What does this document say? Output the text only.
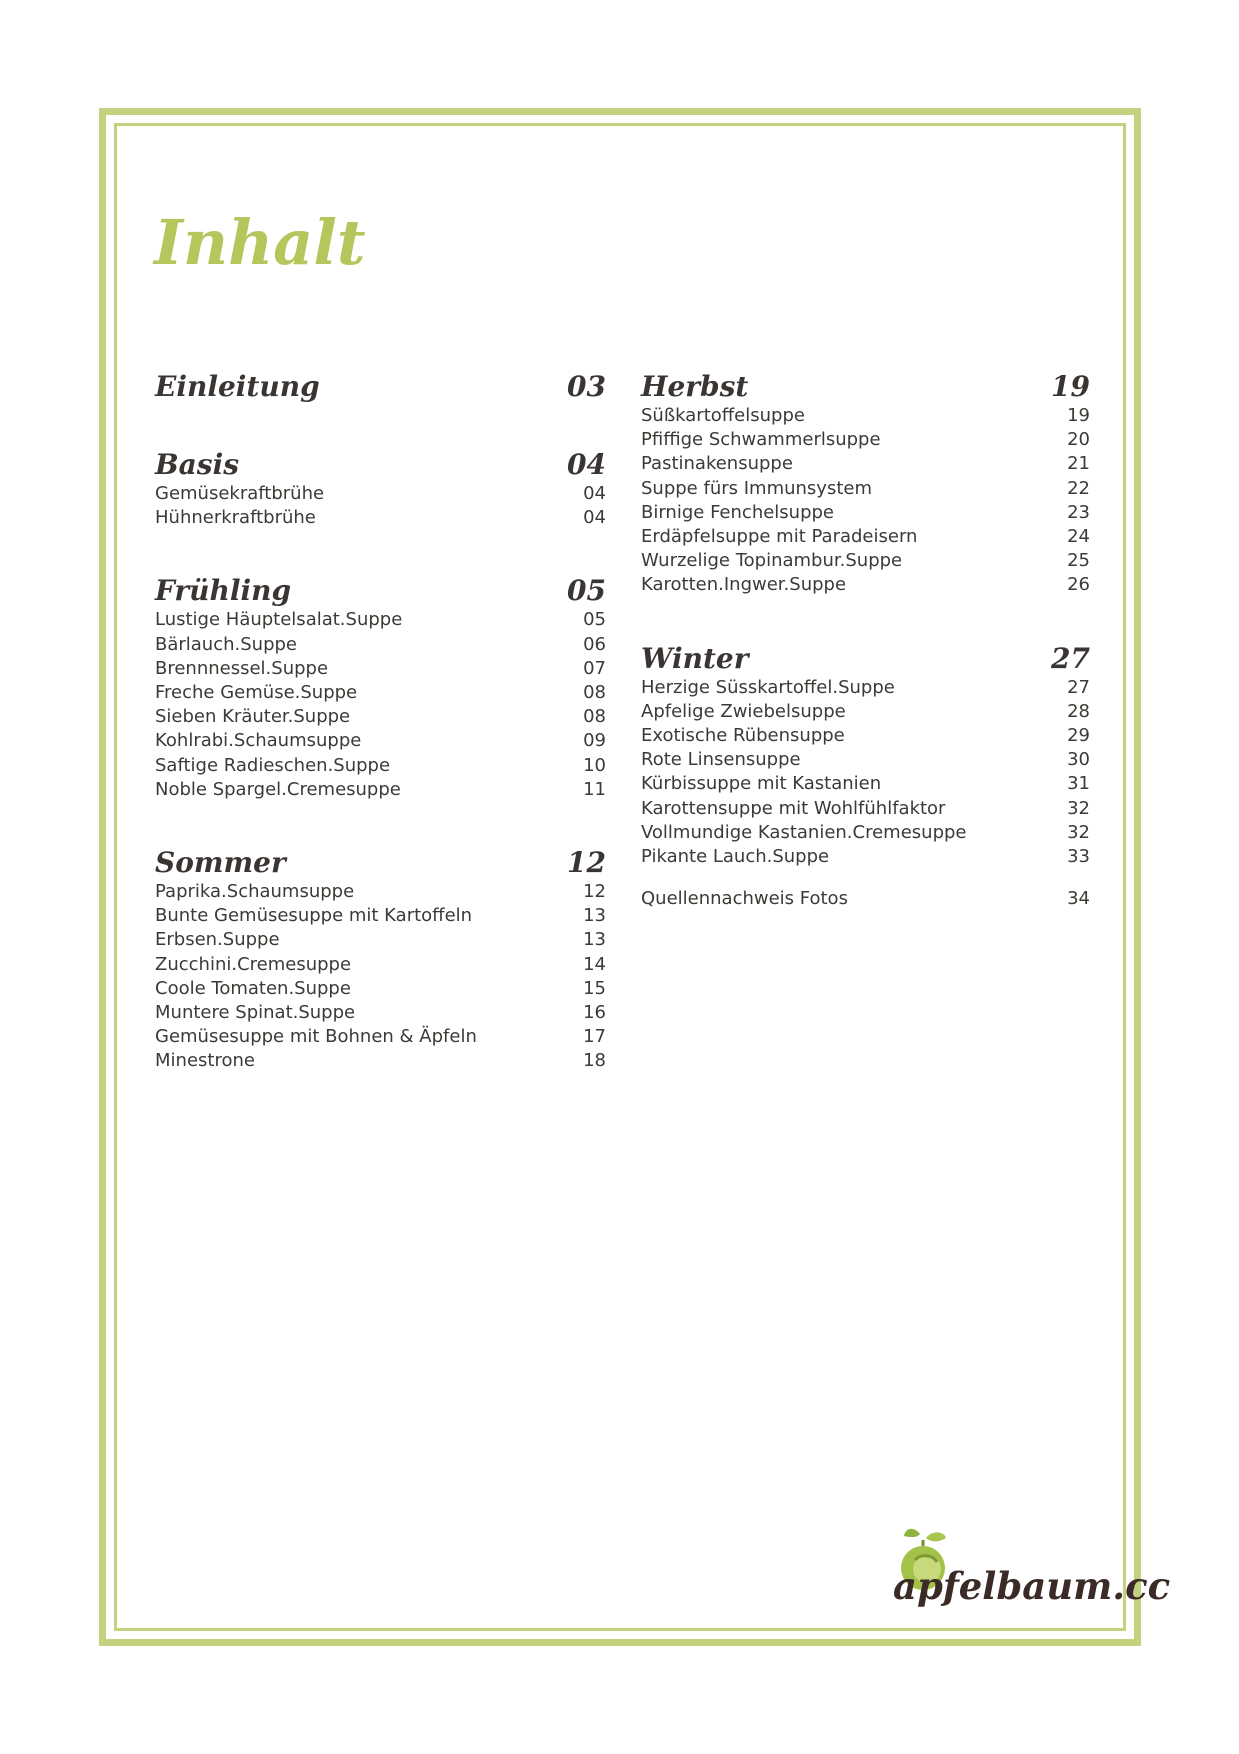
Inhalt
Einleitung	03
Basis	04
Gemüsekraftbrühe	04
Hühnerkraftbrühe	04
Frühling	05
Lustige Häuptelsalat.Suppe	05
Bärlauch.Suppe	06
Brennnessel.Suppe	07
Freche Gemüse.Suppe	08
Sieben Kräuter.Suppe	08
Kohlrabi.Schaumsuppe	09
Saftige Radieschen.Suppe	10
Noble Spargel.Cremesuppe	11
Sommer	12
Paprika.Schaumsuppe	12
Bunte Gemüsesuppe mit Kartoffeln	13
Erbsen.Suppe	13
Zucchini.Cremesuppe	14
Coole Tomaten.Suppe	15
Muntere Spinat.Suppe	16
Gemüsesuppe mit Bohnen & Äpfeln	17
Minestrone	18
Herbst	19
Süßkartoffelsuppe	19
Pfiffige Schwammerlsuppe	20
Pastinakensuppe	21
Suppe fürs Immunsystem	22
Birnige Fenchelsuppe	23
Erdäpfelsuppe mit Paradeisern	24
Wurzelige Topinambur.Suppe	25
Karotten.Ingwer.Suppe	26
Winter	27
Herzige Süsskartoffel.Suppe	27
Apfelige Zwiebelsuppe	28
Exotische Rübensuppe	29
Rote Linsensuppe	30
Kürbissuppe mit Kastanien	31
Karottensuppe mit Wohlfühlfaktor	32
Vollmundige Kastanien.Cremesuppe	32
Pikante Lauch.Suppe	33
Quellennachweis Fotos	34
apfelbaum.cc
